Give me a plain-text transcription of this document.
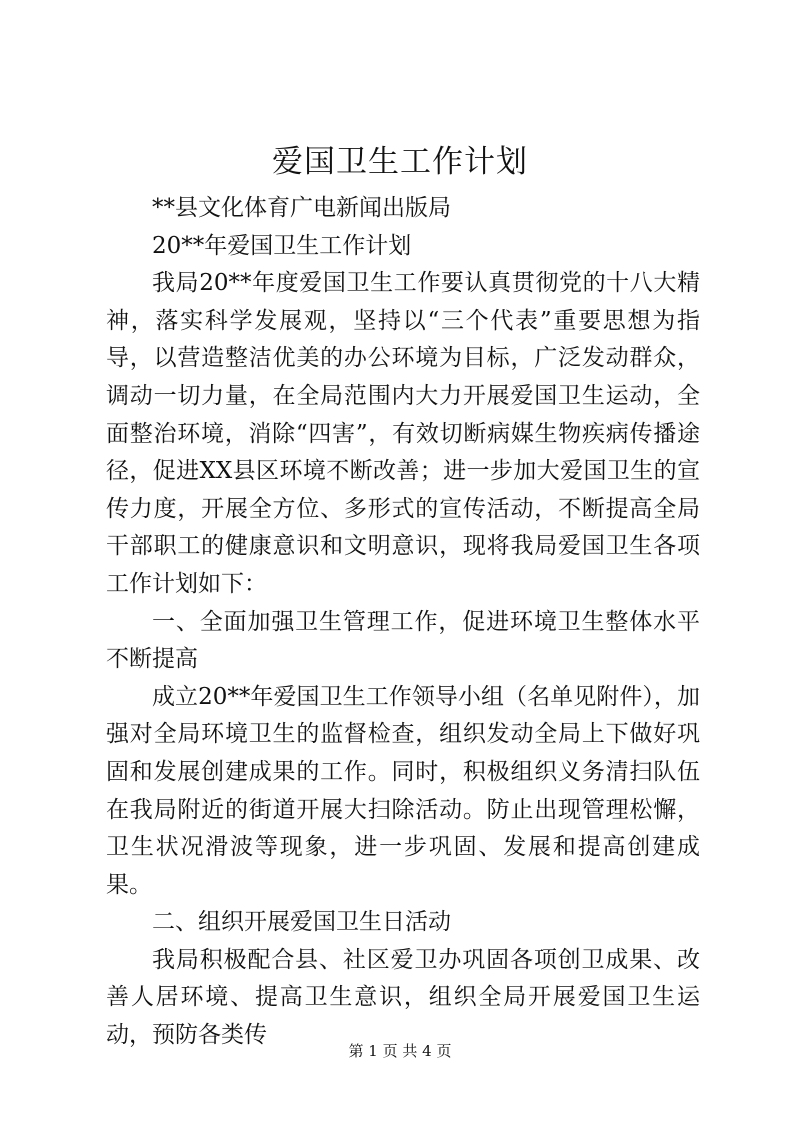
爱国卫生工作计划

**县文化体育广电新闻出版局

20**年爱国卫生工作计划

我局20**年度爱国卫生工作要认真贯彻党的十八大精神，落实科学发展观，坚持以“三个代表”重要思想为指导，以营造整洁优美的办公环境为目标，广泛发动群众，调动一切力量，在全局范围内大力开展爱国卫生运动，全面整治环境，消除“四害”，有效切断病媒生物疾病传播途径，促进XX县区环境不断改善；进一步加大爱国卫生的宣传力度，开展全方位、多形式的宣传活动，不断提高全局干部职工的健康意识和文明意识，现将我局爱国卫生各项工作计划如下：

一、全面加强卫生管理工作，促进环境卫生整体水平不断提高

成立20**年爱国卫生工作领导小组（名单见附件），加强对全局环境卫生的监督检查，组织发动全局上下做好巩固和发展创建成果的工作。同时，积极组织义务清扫队伍在我局附近的街道开展大扫除活动。防止出现管理松懈，卫生状况滑波等现象，进一步巩固、发展和提高创建成果。

二、组织开展爱国卫生日活动

我局积极配合县、社区爱卫办巩固各项创卫成果、改善人居环境、提高卫生意识，组织全局开展爱国卫生运动，预防各类传

第 1 页 共 4 页
